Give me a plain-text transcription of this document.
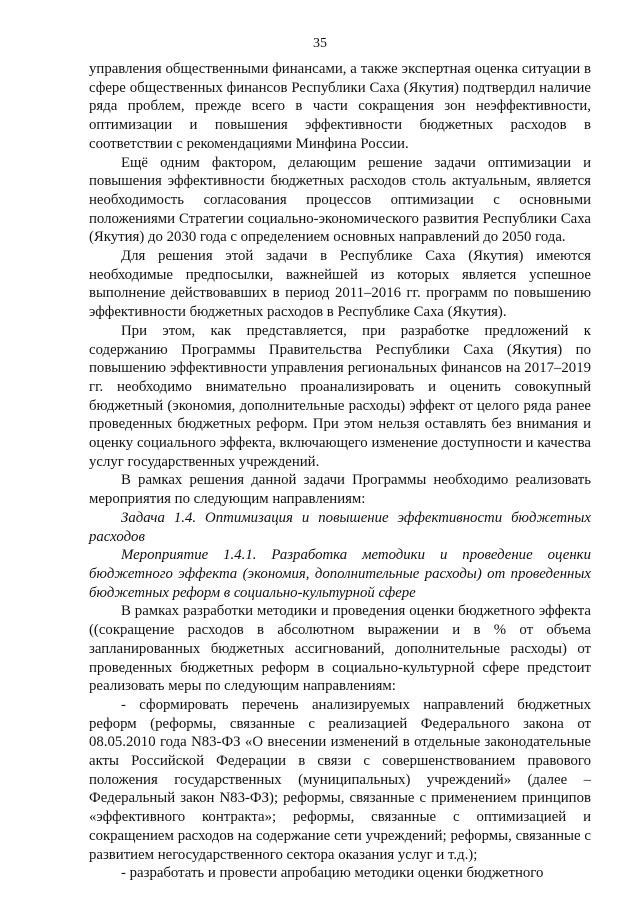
35

управления общественными финансами, а также экспертная оценка ситуации в сфере общественных финансов Республики Саха (Якутия) подтвердил наличие ряда проблем, прежде всего в части сокращения зон неэффективности, оптимизации и повышения эффективности бюджетных расходов в соответствии с рекомендациями Минфина России.

Ещё одним фактором, делающим решение задачи оптимизации и повышения эффективности бюджетных расходов столь актуальным, является необходимость согласования процессов оптимизации с основными положениями Стратегии социально-экономического развития Республики Саха (Якутия) до 2030 года с определением основных направлений до 2050 года.

Для решения этой задачи в Республике Саха (Якутия) имеются необходимые предпосылки, важнейшей из которых является успешное выполнение действовавших в период 2011–2016 гг. программ по повышению эффективности бюджетных расходов в Республике Саха (Якутия).

При этом, как представляется, при разработке предложений к содержанию Программы Правительства Республики Саха (Якутия) по повышению эффективности управления региональных финансов на 2017–2019 гг. необходимо внимательно проанализировать и оценить совокупный бюджетный (экономия, дополнительные расходы) эффект от целого ряда ранее проведенных бюджетных реформ. При этом нельзя оставлять без внимания и оценку социального эффекта, включающего изменение доступности и качества услуг государственных учреждений.

В рамках решения данной задачи Программы необходимо реализовать мероприятия по следующим направлениям:

Задача 1.4. Оптимизация и повышение эффективности бюджетных расходов

Мероприятие 1.4.1. Разработка методики и проведение оценки бюджетного эффекта (экономия, дополнительные расходы) от проведенных бюджетных реформ в социально-культурной сфере

В рамках разработки методики и проведения оценки бюджетного эффекта ((сокращение расходов в абсолютном выражении и в % от объема запланированных бюджетных ассигнований, дополнительные расходы) от проведенных бюджетных реформ в социально-культурной сфере предстоит реализовать меры по следующим направлениям:

- сформировать перечень анализируемых направлений бюджетных реформ (реформы, связанные с реализацией Федерального закона от 08.05.2010 года N83-ФЗ «О внесении изменений в отдельные законодательные акты Российской Федерации в связи с совершенствованием правового положения государственных (муниципальных) учреждений» (далее – Федеральный закон N83-ФЗ); реформы, связанные с применением принципов «эффективного контракта»; реформы, связанные с оптимизацией и сокращением расходов на содержание сети учреждений; реформы, связанные с развитием негосударственного сектора оказания услуг и т.д.);

- разработать и провести апробацию методики оценки бюджетного
